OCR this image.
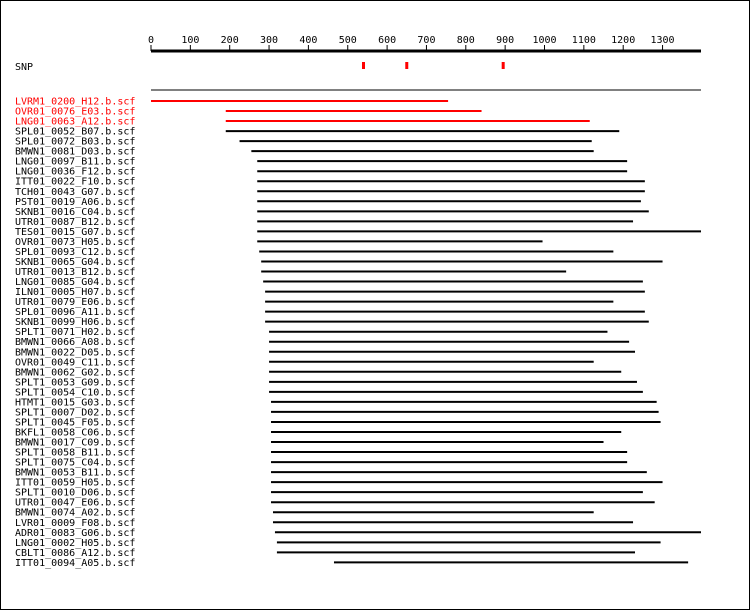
0	100 200 300 400 500 600 700 800 900 1000 1100 1200 1300
SNP
LVRM1_0200_H12.b.scf
OVR01_0076_E03.b.scf
LNG01_0063_A12.b.scf
SPL01_0052_B07.b.scf
SPL01_0072_B03.b.scf
BMWN1_0081_D03.b.scf
LNG01_0097_B11.b.scf
LNG01_0036_F12.b.scf
ITT01_0022_F10.b.scf
TCH01_0043_G07.b.scf
PST01_0019_A06.b.scf
SKNB1_0016_C04.b.scf
UTR01_0087_B12.b.scf
TES01_0015_G07.b.scf
OVR01_0073_H05.b.scf
SPL01_0093_C12.b.scf
SKNB1_0065_G04.b.scf
UTR01_0013_B12.b.scf
LNG01_0085_G04.b.scf
ILN01_0005_H07.b.scf
UTR01_0079_E06.b.scf
SPL01_0096_A11.b.scf
SKNB1_0099_H06.b.scf
SPLT1_0071_H02.b.scf
BMWN1_0066_A08.b.scf
BMWN1_0022_D05.b.scf
OVR01_0049_C11.b.scf
BMWN1_0062_G02.b.scf
SPLT1_0053_G09.b.scf
SPLT1_0054_C10.b.scf
HTMT1_0015_G03.b.scf
SPLT1_0007_D02.b.scf
SPLT1_0045_F05.b.scf
BKFL1_0058_C06.b.scf
BMWN1_0017_C09.b.scf
SPLT1_0058_B11.b.scf
SPLT1_0075_C04.b.scf
BMWN1_0053_B11.b.scf
ITT01_0059_H05.b.scf
SPLT1_0010_D06.b.scf
UTR01_0047_E06.b.scf
BMWN1_0074_A02.b.scf
LVR01_0009_F08.b.scf
ADR01_0083_G06.b.scf
LNG01_0002_H05.b.scf
CBLT1_0086_A12.b.scf
ITT01_0094_A05.b.scf
